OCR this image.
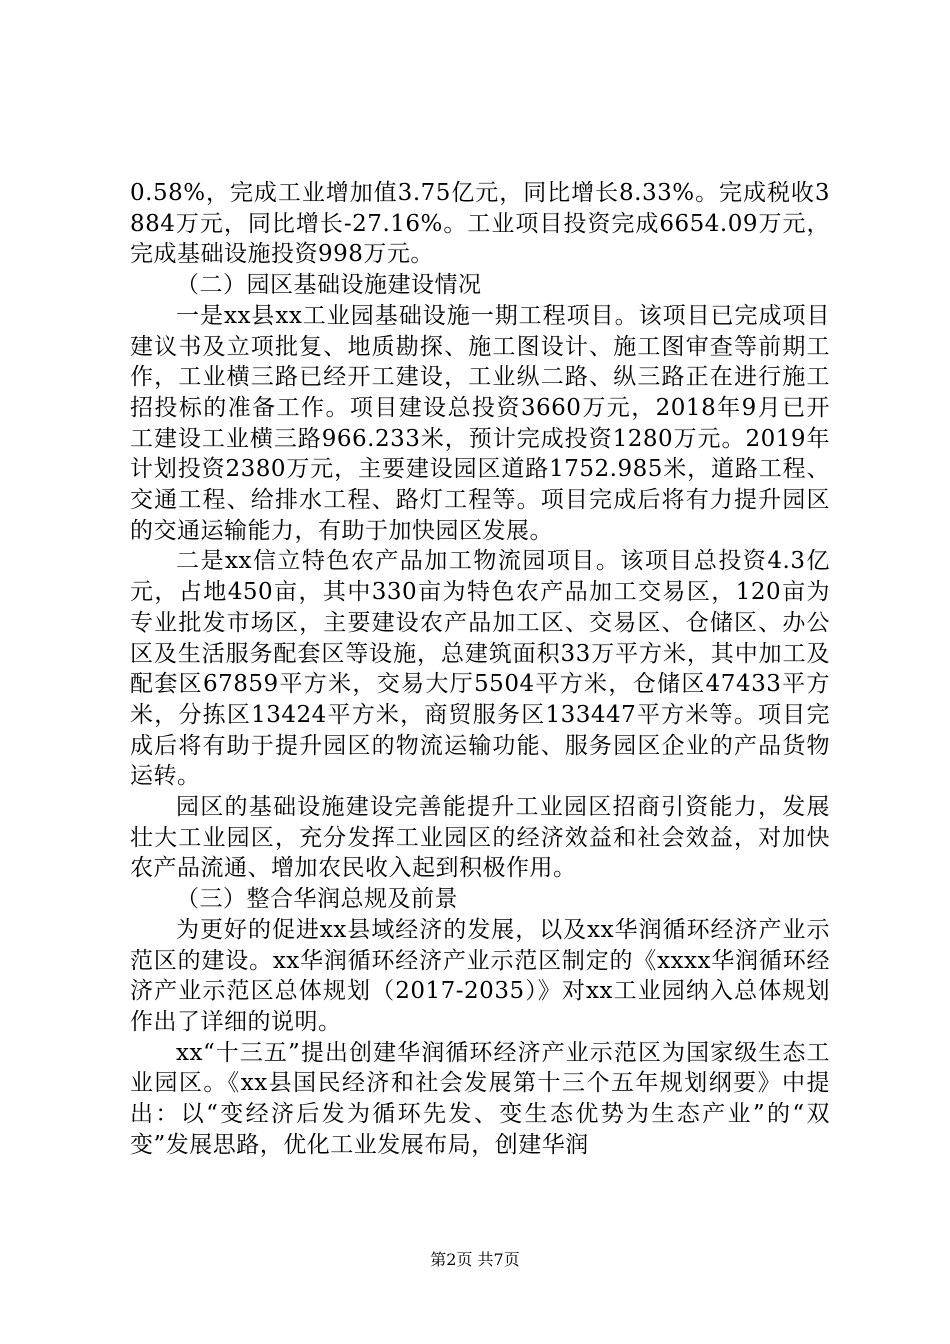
0.58%，完成工业增加值3.75亿元，同比增长8.33%。完成税收3884万元，同比增长-27.16%。工业项目投资完成6654.09万元，完成基础设施投资998万元。

（二）园区基础设施建设情况

一是xx县xx工业园基础设施一期工程项目。该项目已完成项目建议书及立项批复、地质勘探、施工图设计、施工图审查等前期工作，工业横三路已经开工建设，工业纵二路、纵三路正在进行施工招投标的准备工作。项目建设总投资3660万元，2018年9月已开工建设工业横三路966.233米，预计完成投资1280万元。2019年计划投资2380万元，主要建设园区道路1752.985米，道路工程、交通工程、给排水工程、路灯工程等。项目完成后将有力提升园区的交通运输能力，有助于加快园区发展。

二是xx信立特色农产品加工物流园项目。该项目总投资4.3亿元，占地450亩，其中330亩为特色农产品加工交易区，120亩为专业批发市场区，主要建设农产品加工区、交易区、仓储区、办公区及生活服务配套区等设施，总建筑面积33万平方米，其中加工及配套区67859平方米，交易大厅5504平方米，仓储区47433平方米，分拣区13424平方米，商贸服务区133447平方米等。项目完成后将有助于提升园区的物流运输功能、服务园区企业的产品货物运转。

园区的基础设施建设完善能提升工业园区招商引资能力，发展壮大工业园区，充分发挥工业园区的经济效益和社会效益，对加快农产品流通、增加农民收入起到积极作用。

（三）整合华润总规及前景

为更好的促进xx县域经济的发展，以及xx华润循环经济产业示范区的建设。xx华润循环经济产业示范区制定的《xxxx华润循环经济产业示范区总体规划（2017-2035）》对xx工业园纳入总体规划作出了详细的说明。

xx“十三五”提出创建华润循环经济产业示范区为国家级生态工业园区。《xx县国民经济和社会发展第十三个五年规划纲要》中提出：以“变经济后发为循环先发、变生态优势为生态产业”的“双变”发展思路，优化工业发展布局，创建华润

第2页 共7页
